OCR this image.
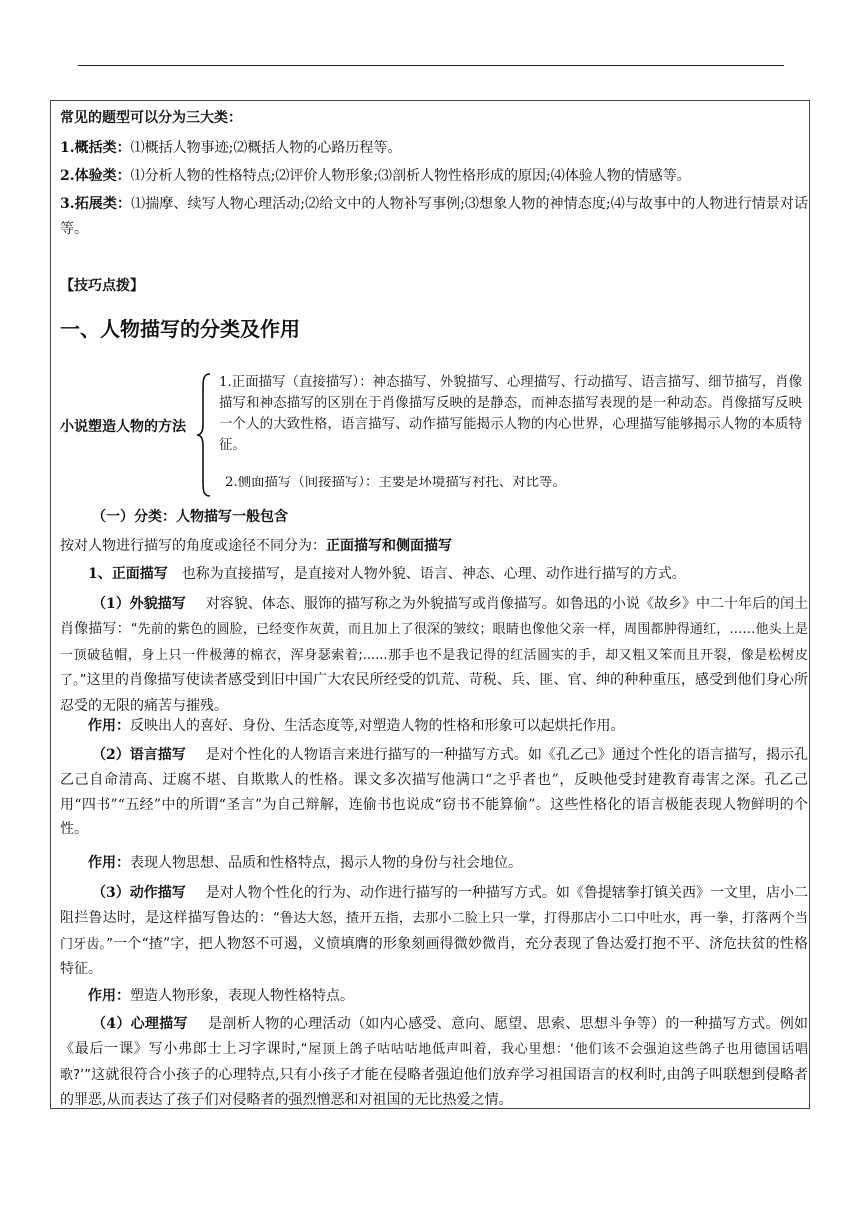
常见的题型可以分为三大类：
1.概括类：⑴概括人物事迹;⑵概括人物的心路历程等。
2.体验类：⑴分析人物的性格特点;⑵评价人物形象;⑶剖析人物性格形成的原因;⑷体验人物的情感等。
3.拓展类：⑴揣摩、续写人物心理活动;⑵给文中的人物补写事例;⑶想象人物的神情态度;⑷与故事中的人物进行情景对话等。
【技巧点拨】
一、人物描写的分类及作用
小说塑造人物的方法
1.正面描写（直接描写）：神态描写、外貌描写、心理描写、行动描写、语言描写、细节描写，肖像描写和神态描写的区别在于肖像描写反映的是静态，而神态描写表现的是一种动态。肖像描写反映一个人的大致性格，语言描写、动作描写能揭示人物的内心世界，心理描写能够揭示人物的本质特征。
2.侧面描写（间接描写）：主要是环境描写衬托、对比等。
（一）分类：人物描写一般包含
按对人物进行描写的角度或途径不同分为：正面描写和侧面描写
1、正面描写 也称为直接描写，是直接对人物外貌、语言、神态、心理、动作进行描写的方式。

（1）外貌描写 对容貌、体态、服饰的描写称之为外貌描写或肖像描写。如鲁迅的小说《故乡》中二十年后的闰土肖像描写：“先前的紫色的圆脸，已经变作灰黄，而且加上了很深的皱纹；眼睛也像他父亲一样，周围都肿得通红，……他头上是一顶破毡帽，身上只一件极薄的棉衣，浑身瑟索着;......那手也不是我记得的红活圆实的手，却又粗又笨而且开裂，像是松树皮了。”这里的肖像描写使读者感受到旧中国广大农民所经受的饥荒、苛税、兵、匪、官、绅的种种重压，感受到他们身心所忍受的无限的痛苦与摧残。

作用：反映出人的喜好、身份、生活态度等,对塑造人物的性格和形象可以起烘托作用。

（2）语言描写 是对个性化的人物语言来进行描写的一种描写方式。如《孔乙己》通过个性化的语言描写，揭示孔乙己自命清高、迂腐不堪、自欺欺人的性格。课文多次描写他满口“之乎者也”，反映他受封建教育毒害之深。孔乙己用“四书”“五经”中的所谓“圣言”为自己辩解，连偷书也说成“窃书不能算偷”。这些性格化的语言极能表现人物鲜明的个性。

作用：表现人物思想、品质和性格特点，揭示人物的身份与社会地位。

（3）动作描写 是对人物个性化的行为、动作进行描写的一种描写方式。如《鲁提辖拳打镇关西》一文里，店小二阻拦鲁达时，是这样描写鲁达的：“鲁达大怒，揸开五指，去那小二脸上只一掌，打得那店小二口中吐水，再一拳，打落两个当门牙齿。”一个“揸”字，把人物怒不可遏，义愤填膺的形象刻画得微妙微肖，充分表现了鲁达爱打抱不平、济危扶贫的性格特征。

作用：塑造人物形象，表现人物性格特点。

（4）心理描写 是剖析人物的心理活动（如内心感受、意向、愿望、思索、思想斗争等）的一种描写方式。例如《最后一课》写小弗郎士上习字课时,“屋顶上鸽子咕咕咕地低声叫着，我心里想：‘他们该不会强迫这些鸽子也用德国话唱歌?’”这就很符合小孩子的心理特点,只有小孩子才能在侵略者强迫他们放弃学习祖国语言的权利时,由鸽子叫联想到侵略者的罪恶,从而表达了孩子们对侵略者的强烈憎恶和对祖国的无比热爱之情。
